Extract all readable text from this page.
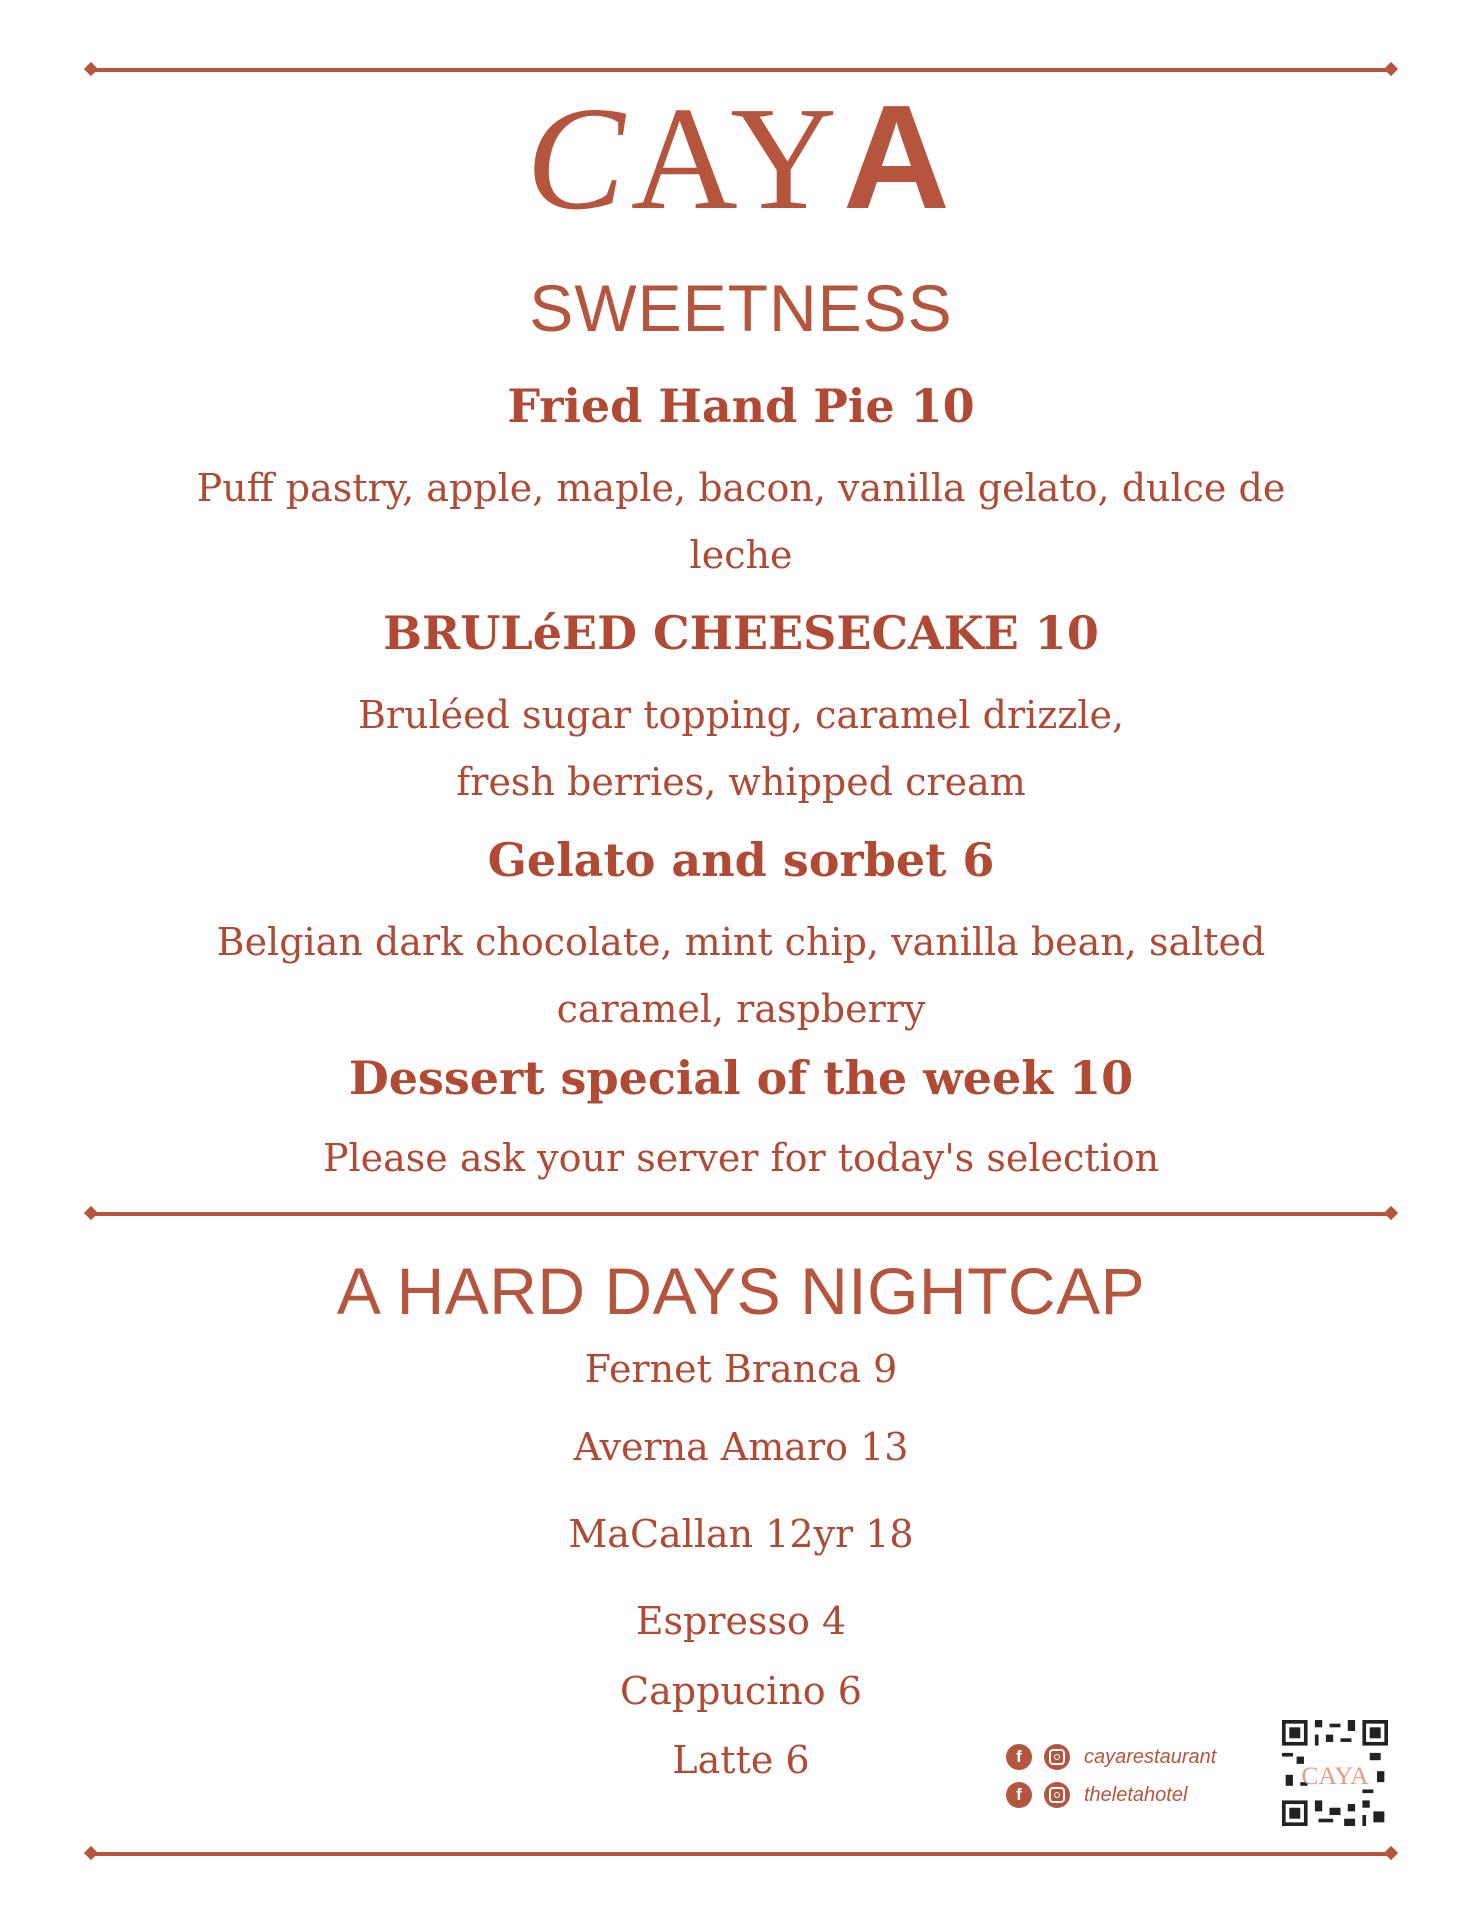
CAYA
SWEETNESS
Fried Hand Pie 10
Puff pastry, apple, maple, bacon, vanilla gelato, dulce de
leche
BRULéED CHEESECAKE 10
Bruléed sugar topping, caramel drizzle,
fresh berries, whipped cream
Gelato and sorbet 6
Belgian dark chocolate, mint chip, vanilla bean, salted
caramel, raspberry
Dessert special of the week 10
Please ask your server for today's selection
A HARD DAYS NIGHTCAP
Fernet Branca 9
Averna Amaro 13
MaCallan 12yr 18
Espresso 4
Cappucino 6
Latte 6	f	cayarestaurant
f	theletahotel
CAYA
